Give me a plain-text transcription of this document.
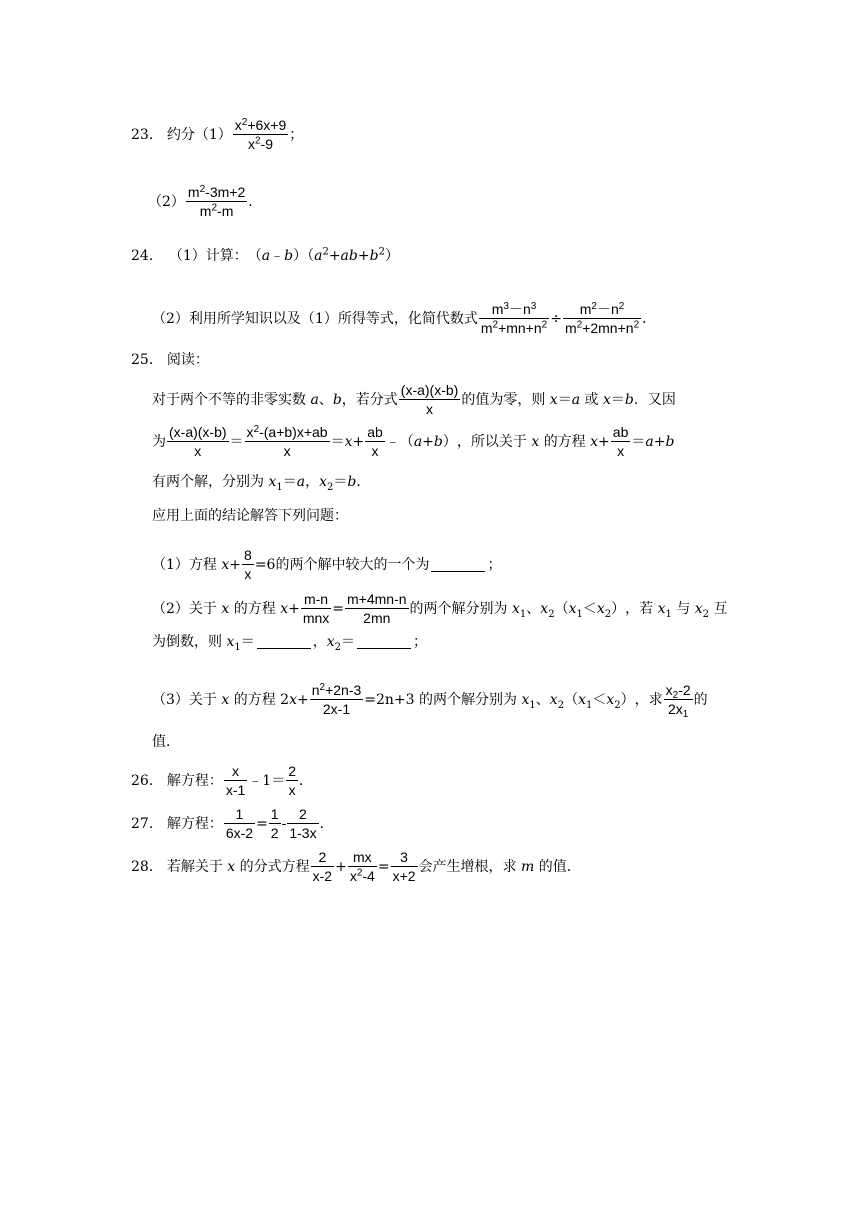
23． 约分 $(1) \frac{x^2+6x+9}{x^2-9}$ ；
$(2) \frac{m^2-3m+2}{m^2-m}$ ．
24． （1）计算： $(a﹣b)(a^2+ab+b^2)$
（2）利用所学知识以及（1）所得等式，化简代数式 $\frac{m^3-n^3}{m^2+mn+n^2} \div \frac{m^2-n^2}{m^2+2mn+n^2}$ ．
25． 阅读：
对于两个不等的非零实数 a、b， 若分式 $\frac{(x-a)(x-b)}{x}$ 的值为零，则 x＝a 或 x＝b． 又因
为 $\frac{(x-a)(x-b)}{x} = \frac{x^2-(a+b)x+ab}{x} =x+ \frac{ab}{x}$ ﹣（a+b） ，所以关于 x 的方程 $x+ \frac{ab}{x} =a+b$
有两个解，分别为 $x_1=a$，$x_2=b$．
应用上面的结论解答下列问题：
（1）方程 $x+ \frac{8}{x} =6$的两个解中较大的一个为	；
（2）关于 x 的方程 $x+ \frac{m-n}{\text{mnx}} = \frac{m+4mn-n}{2mn}$ 的两个解分别为 $x_1$、$x_2(x_1<x_2)$ ，若 $x_1$ 与 $x_2$ 互
为倒数，则 $x_1=$	，$x_2=$	；
（3）关于 x 的方程 2 $x+ \frac{n^2+2n-3}{2x-1} =2n+3$ 的两个解分别为 $x_1$、$x_2(x_1<x_2)$ ，求 $\frac{x_2-2}{2x_1}$ 的
值．
26． 解方程： $\frac{x}{x-1}$ ﹣1＝ $\frac{2}{x}$ ．
27． 解方程： $\frac{1}{6x-2} = \frac{1}{2} - \frac{2}{1-3x}$ ．
28． 若解关于 x 的分式方程 $\frac{2}{x-2} + \frac{mx}{x^2-4} = \frac{3}{x+2}$ 会产生增根，求 m 的值．
